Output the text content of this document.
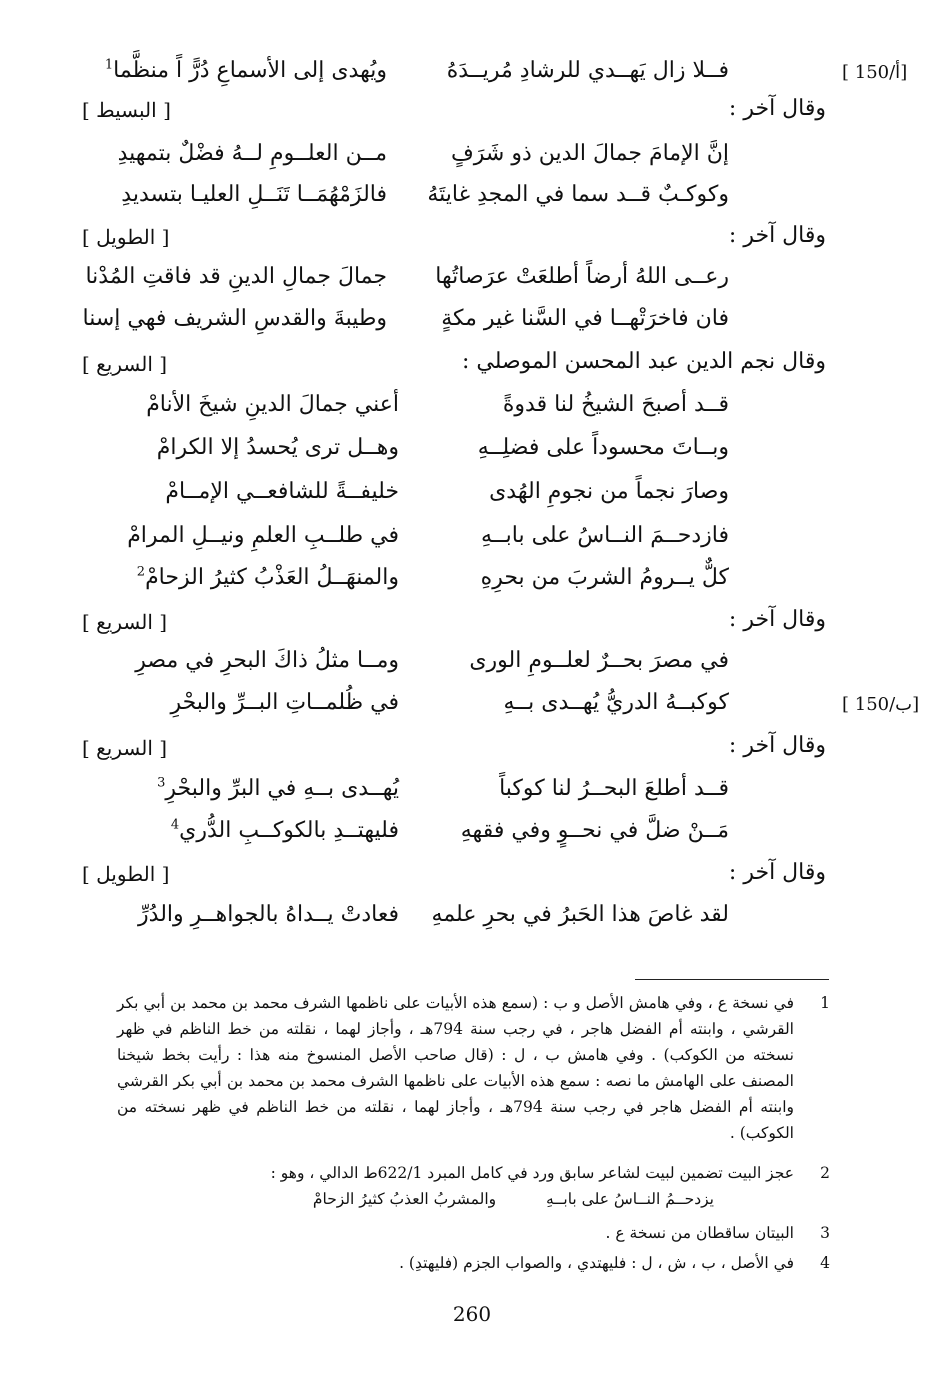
[ 150/أ]
[ 150/ب]
فــلا زال يَهــدي للرشادِ مُريــدَهُ
ويُهدى إلى الأسماعِ دُرًّ اً منظَّما$^1$
وقال آخر :
[ البسيط ]
إنَّ الإمامَ جمالَ الدين ذو شَرَفٍ
مــن العلــومِ لــهُ فضْلٌ بتمهيدِ
وكوكـبٌ قــد سما في المجدِ غايتَهُ
فالزَمْهُمَــا تَنَــلِ العليـا بتسديدِ
وقال آخر :
[ الطويل ]
رعــى اللهُ أرضاً أطلعَتْ عرَصاتُها
جمالَ جمالِ الدينِ قد فاقتِ المُدْنا
فان فاخرَتْهــا في السَّنا غير مكةٍ
وطيبةَ والقدسِ الشريف فهي إسنا
وقال نجم الدين عبد المحسن الموصلي :
[ السريع ]
قــد أصبحَ الشيخُ لنا قدوةً
أعني جمالَ الدينِ شيخَ الأنامْ
وبــاتَ محسوداً على فضلِــهِ
وهــل ترى يُحسدُ إلا الكرامْ
وصارَ نجماً من نجومِ الهُدى
خليفــةً للشافعــي الإمــامْ
فازدحــمَ النــاسُ على بابــهِ
في طلــبِ العلمِ ونيــلِ المرامْ
كلٌّ يــرومُ الشربَ من بحرِهِ
والمنهَــلُ العَذْبُ كثيرُ الزحامْ$^2$
وقال آخر :
[ السريع ]
في مصرَ بحــرٌ لعلــومِ الورى
ومــا مثلُ ذاكَ البحرِ في مصرِ
كوكبــهُ الدريُّ يُهــدى بــهِ
في ظُلمــاتِ البــرِّ والبحْرِ
وقال آخر :
[ السريع ]
قــد أطلعَ البحــرُ لنا كوكباً
يُهــدى بــهِ في البرِّ والبحْرِ$^3$
مَــنْ ضلَّ في نحــوٍ وفي فقههِ
فليهتــدِ بالكوكــبِ الدُّري$^4$
وقال آخر :
[ الطويل ]
لقد غاصَ هذا الحَبرُ في بحرِ علمهِ
فعادتْ يــداهُ بالجواهــرِ والدُرِّ
1
في نسخة ع ، وفي هامش الأصل و ب : (سمع هذه الأبيات على ناظمها الشرف محمد بن محمد بن أبي بكر القرشي ، وابنته أم الفضل هاجر ، في رجب سنة 794هـ ، وأجاز لهما ، نقلته من خط الناظم في ظهر نسخته من الكوكب) . وفي هامش ب ، ل : (قال صاحب الأصل المنسوخ منه هذا : رأيت بخط شيخنا المصنف على الهامش ما نصه : سمع هذه الأبيات على ناظمها الشرف محمد بن محمد بن أبي بكر القرشي وابنته أم الفضل هاجر في رجب سنة 794هـ ، وأجاز لهما ، نقلته من خط الناظم في ظهر نسخته من الكوكب) .
2
عجز البيت تضمين لبيت لشاعر سابق ورد في كامل المبرد 622/1ط الدالي ، وهو :
يزدحــمُ النــاسُ على بابــهِ  والمشربُ العذبُ كثيرُ الزحامْ
3
البيتان ساقطان من نسخة ع .
4
في الأصل ، ب ، ش ، ل : فليهتدي ، والصواب الجزم (فليهتدِ) .
260
